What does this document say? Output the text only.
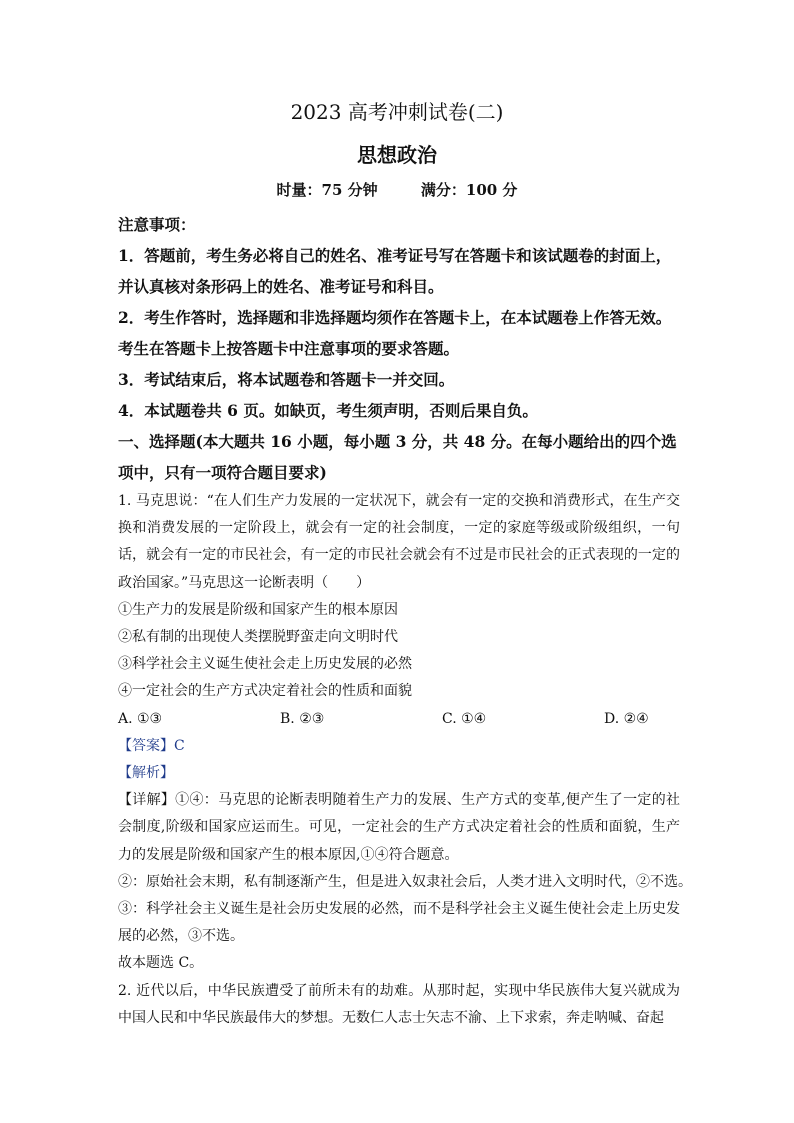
2023 高考冲刺试卷(二)
思想政治
时量：75 分钟	满分：100 分

注意事项：

1．答题前，考生务必将自己的姓名、准考证号写在答题卡和该试题卷的封面上，并认真核对条形码上的姓名、准考证号和科目。

2．考生作答时，选择题和非选择题均须作在答题卡上，在本试题卷上作答无效。考生在答题卡上按答题卡中注意事项的要求答题。

3．考试结束后，将本试题卷和答题卡一并交回。

4．本试题卷共 6 页。如缺页，考生须声明，否则后果自负。

一、选择题(本大题共 16 小题，每小题 3 分，共 48 分。在每小题给出的四个选项中，只有一项符合题目要求)

1. 马克思说：“在人们生产力发展的一定状况下，就会有一定的交换和消费形式，在生产交换和消费发展的一定阶段上，就会有一定的社会制度，一定的家庭等级或阶级组织，一句话，就会有一定的市民社会，有一定的市民社会就会有不过是市民社会的正式表现的一定的政治国家。”马克思这一论断表明（　　）

①生产力的发展是阶级和国家产生的根本原因

②私有制的出现使人类摆脱野蛮走向文明时代

③科学社会主义诞生使社会走上历史发展的必然

④一定社会的生产方式决定着社会的性质和面貌

A. ①③	B. ②③	C. ①④	D. ②④

【答案】C

【解析】

【详解】①④：马克思的论断表明随着生产力的发展、生产方式的变革,便产生了一定的社会制度,阶级和国家应运而生。可见，一定社会的生产方式决定着社会的性质和面貌，生产力的发展是阶级和国家产生的根本原因,①④符合题意。

②：原始社会末期，私有制逐渐产生，但是进入奴隶社会后，人类才进入文明时代，②不选。

③：科学社会主义诞生是社会历史发展的必然，而不是科学社会主义诞生使社会走上历史发展的必然，③不选。

故本题选 C。

2. 近代以后，中华民族遭受了前所未有的劫难。从那时起，实现中华民族伟大复兴就成为中国人民和中华民族最伟大的梦想。无数仁人志士矢志不渝、上下求索，奔走呐喊、奋起
